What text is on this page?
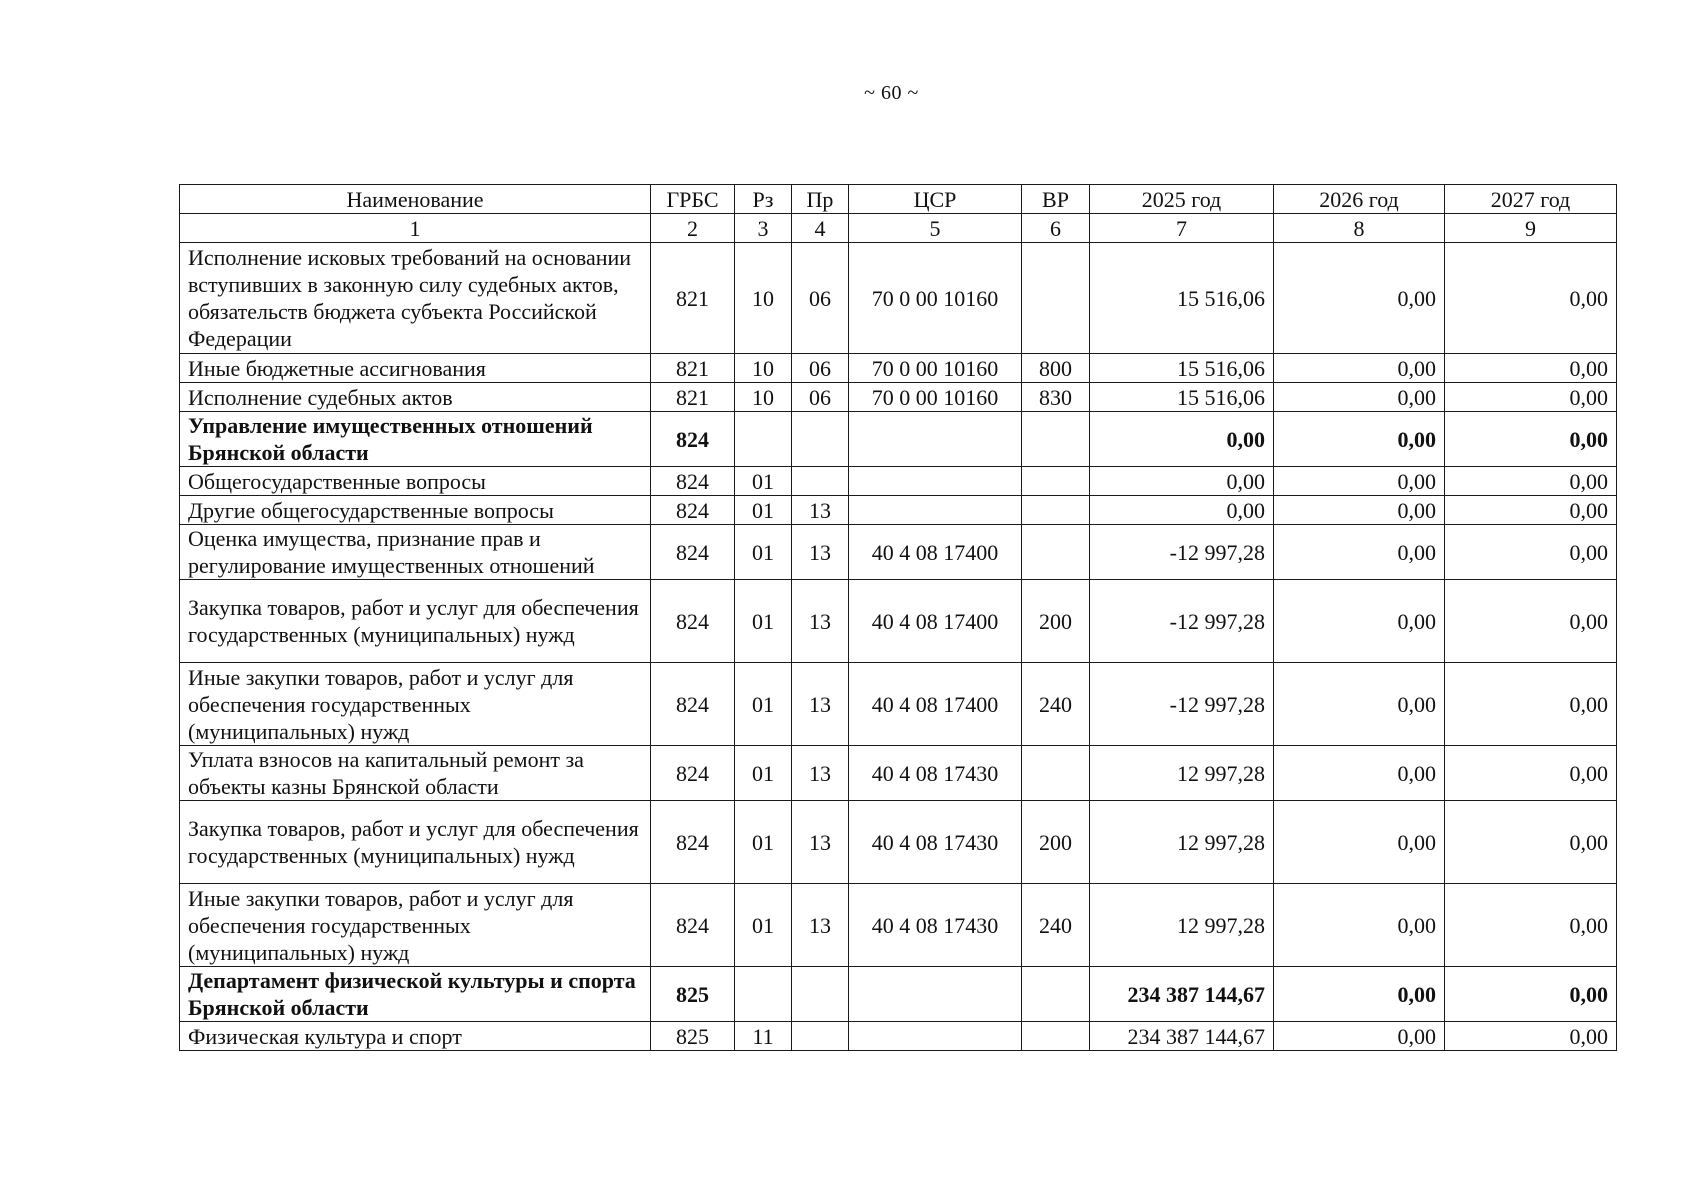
~ 60 ~
Наименование	ГРБС	Рз	Пр	ЦСР	ВР	2025 год	2026 год	2027 год
1	2	3	4	5	6	7	8	9
Исполнение исковых требований на основании вступивших в законную силу судебных актов, обязательств бюджета субъекта Российской Федерации	821	10	06	70 0 00 10160		15 516,06	0,00	0,00
Иные бюджетные ассигнования	821	10	06	70 0 00 10160	800	15 516,06	0,00	0,00
Исполнение судебных актов	821	10	06	70 0 00 10160	830	15 516,06	0,00	0,00
Управление имущественных отношений Брянской области	824					0,00	0,00	0,00
Общегосударственные вопросы	824	01				0,00	0,00	0,00
Другие общегосударственные вопросы	824	01	13			0,00	0,00	0,00
Оценка имущества, признание прав и регулирование имущественных отношений	824	01	13	40 4 08 17400		-12 997,28	0,00	0,00
Закупка товаров, работ и услуг для обеспечения государственных (муниципальных) нужд	824	01	13	40 4 08 17400	200	-12 997,28	0,00	0,00
Иные закупки товаров, работ и услуг для обеспечения государственных (муниципальных) нужд	824	01	13	40 4 08 17400	240	-12 997,28	0,00	0,00
Уплата взносов на капитальный ремонт за объекты казны Брянской области	824	01	13	40 4 08 17430		12 997,28	0,00	0,00
Закупка товаров, работ и услуг для обеспечения государственных (муниципальных) нужд	824	01	13	40 4 08 17430	200	12 997,28	0,00	0,00
Иные закупки товаров, работ и услуг для обеспечения государственных (муниципальных) нужд	824	01	13	40 4 08 17430	240	12 997,28	0,00	0,00
Департамент физической культуры и спорта Брянской области	825					234 387 144,67	0,00	0,00
Физическая культура и спорт	825	11				234 387 144,67	0,00	0,00
